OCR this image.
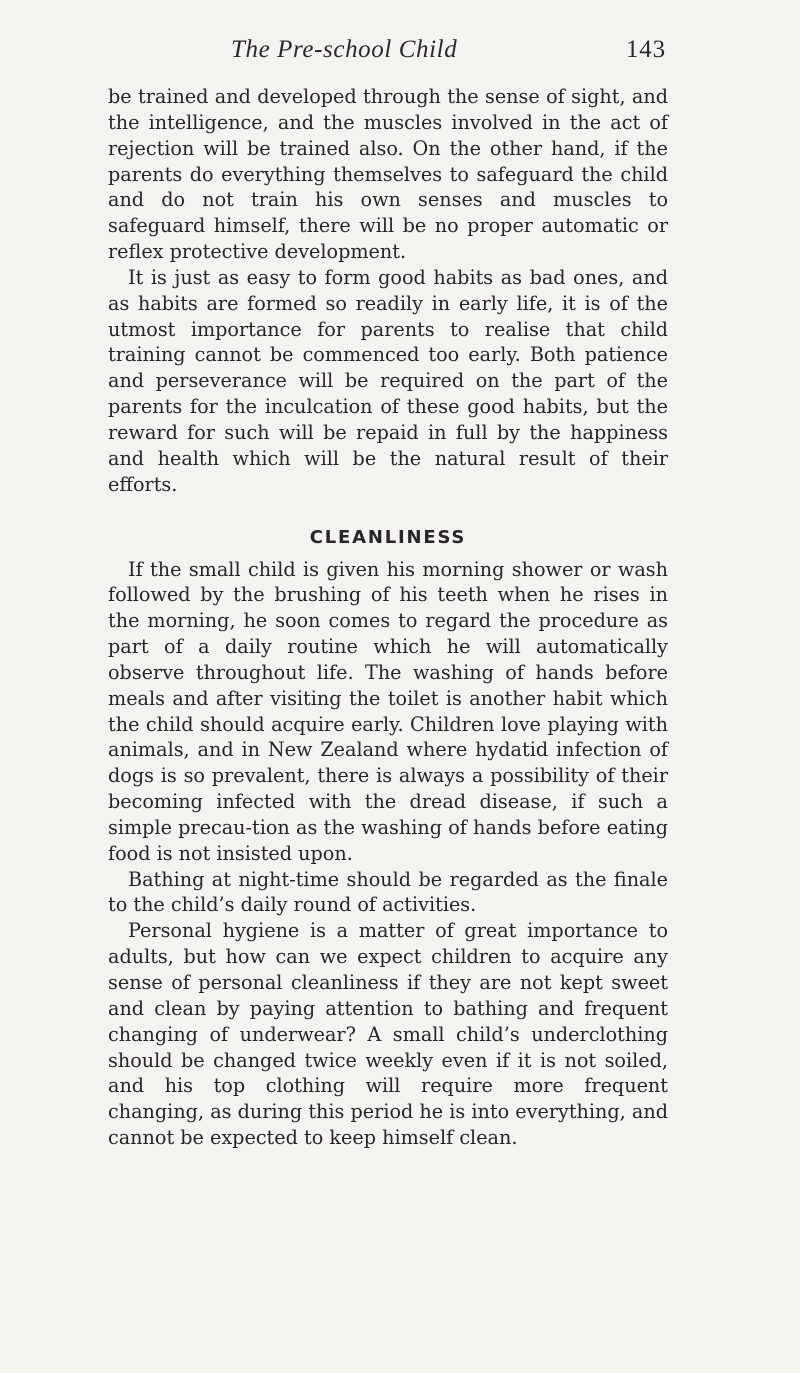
The Pre-school Child	143

be trained and developed through the sense of sight, and the intelligence, and the muscles involved in the act of rejection will be trained also. On the other hand, if the parents do everything themselves to safeguard the child and do not train his own senses and muscles to safeguard himself, there will be no proper automatic or reflex protective development.

It is just as easy to form good habits as bad ones, and as habits are formed so readily in early life, it is of the utmost importance for parents to realise that child training cannot be commenced too early. Both patience and perseverance will be required on the part of the parents for the inculcation of these good habits, but the reward for such will be repaid in full by the happiness and health which will be the natural result of their efforts.

CLEANLINESS

If the small child is given his morning shower or wash followed by the brushing of his teeth when he rises in the morning, he soon comes to regard the procedure as part of a daily routine which he will automatically observe throughout life. The washing of hands before meals and after visiting the toilet is another habit which the child should acquire early. Children love playing with animals, and in New Zealand where hydatid infection of dogs is so prevalent, there is always a possibility of their becoming infected with the dread disease, if such a simple precau-tion as the washing of hands before eating food is not insisted upon.

Bathing at night-time should be regarded as the finale to the child’s daily round of activities.

Personal hygiene is a matter of great importance to adults, but how can we expect children to acquire any sense of personal cleanliness if they are not kept sweet and clean by paying attention to bathing and frequent changing of underwear? A small child’s underclothing should be changed twice weekly even if it is not soiled, and his top clothing will require more frequent changing, as during this period he is into everything, and cannot be expected to keep himself clean.
